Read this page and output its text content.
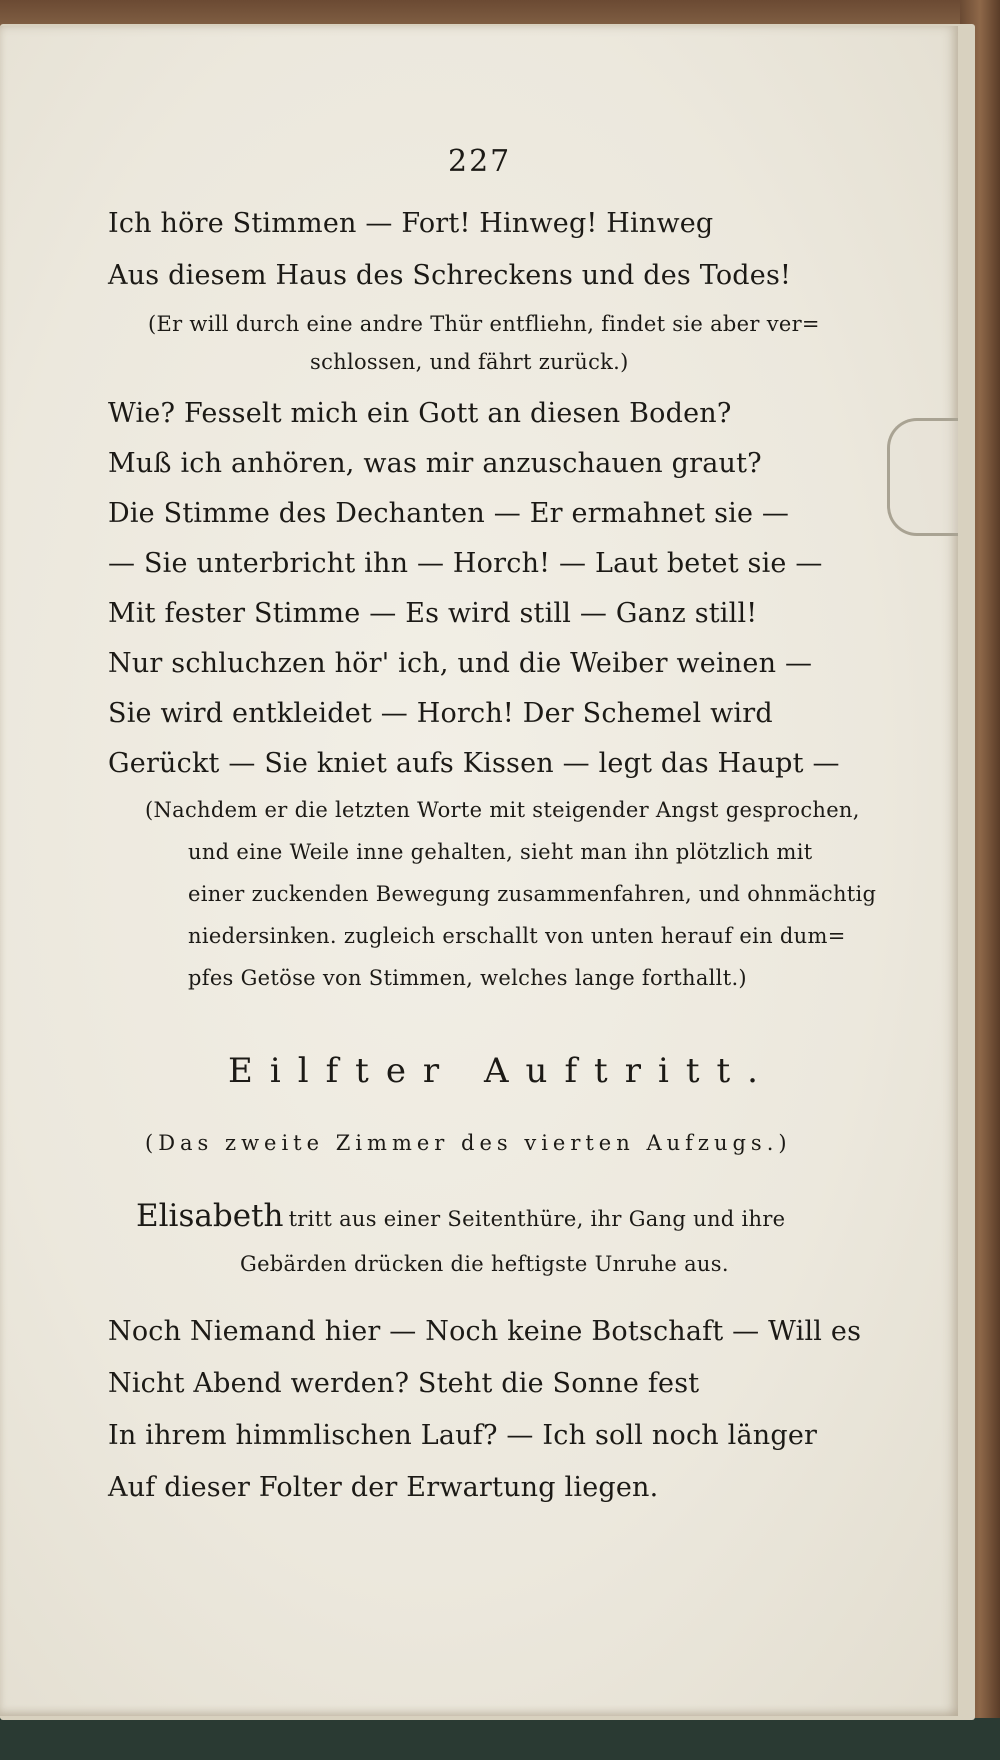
227
Ich höre Stimmen — Fort! Hinweg! Hinweg
Aus diesem Haus des Schreckens und des Todes!
(Er will durch eine andre Thür entfliehn, findet sie aber ver=
schlossen, und fährt zurück.)
Wie? Fesselt mich ein Gott an diesen Boden?
Muß ich anhören, was mir anzuschauen graut?
Die Stimme des Dechanten — Er ermahnet sie —
— Sie unterbricht ihn — Horch! — Laut betet sie —
Mit fester Stimme — Es wird still — Ganz still!
Nur schluchzen hör' ich, und die Weiber weinen —
Sie wird entkleidet — Horch! Der Schemel wird
Gerückt — Sie kniet aufs Kissen — legt das Haupt —
(Nachdem er die letzten Worte mit steigender Angst gesprochen,
und eine Weile inne gehalten, sieht man ihn plötzlich mit
einer zuckenden Bewegung zusammenfahren, und ohnmächtig
niedersinken. zugleich erschallt von unten herauf ein dum=
pfes Getöse von Stimmen, welches lange forthallt.)
Eilfter Auftritt.
(Das zweite Zimmer des vierten Aufzugs.)
Elisabeth tritt aus einer Seitenthüre, ihr Gang und ihre
Gebärden drücken die heftigste Unruhe aus.
Noch Niemand hier — Noch keine Botschaft — Will es
Nicht Abend werden? Steht die Sonne fest
In ihrem himmlischen Lauf? — Ich soll noch länger
Auf dieser Folter der Erwartung liegen.
